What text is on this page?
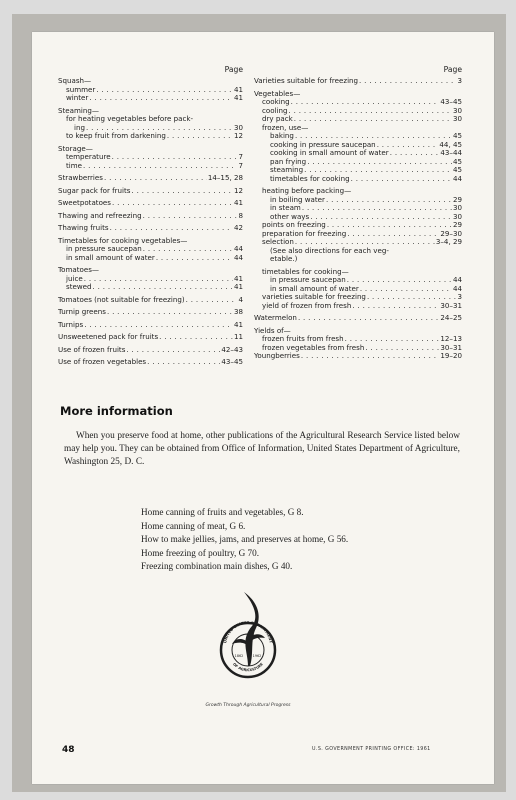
Page
Squash—
summer . . .	41
winter . . .	41
Steaming—
for heating vegetables before pack-
ing . . .	30
to keep fruit from darkening . . .	12
Storage—
temperature . . .	7
time . . .	7
Strawberries . . .	14–15, 28
Sugar pack for fruits . . .	12
Sweetpotatoes . . .	41
Thawing and refreezing . . .	8
Thawing fruits . . .	42
Timetables for cooking vegetables—
in pressure saucepan . . .	44
in small amount of water . . .	44
Tomatoes—
juice . . .	41
stewed . . .	41
Tomatoes (not suitable for freezing) . . .	4
Turnip greens . . .	38
Turnips . . .	41
Unsweetened pack for fruits . . .	11
Use of frozen fruits . . .	42–43
Use of frozen vegetables . . .	43–45
Page
Varieties suitable for freezing . . .	3
Vegetables—
cooking . . .	43–45
cooling . . .	30
dry pack . . .	30
frozen, use—
baking . . .	45
cooking in pressure saucepan . . .	44, 45
cooking in small amount of water . . .	43–44
pan frying . . .	45
steaming . . .	45
timetables for cooking . . .	44
heating before packing—
in boiling water . . .	29
in steam . . .	30
other ways . . .	30
points on freezing . . .	29
preparation for freezing . . .	29–30
selection . . .	3–4, 29
(See also directions for each veg-
etable.)
timetables for cooking—
in pressure saucepan . . .	44
in small amount of water . . .	44
varieties suitable for freezing . . .	3
yield of frozen from fresh . . .	30–31
Watermelon . . .	24–25
Yields of—
frozen fruits from fresh . . .	12–13
frozen vegetables from fresh . . .	30–31
Youngberries . . .	19–20
More information
When you preserve food at home, other publications of the Agricultural Research Service listed below may help you. They can be obtained from Office of Information, United States Department of Agriculture, Washington 25, D. C.
Home canning of fruits and vegetables, G 8.
Home canning of meat, G 6.
How to make jellies, jams, and preserves at home, G 56.
Home freezing of poultry, G 70.
Freezing combination main dishes, G 40.
UNITED STATES DEPARTMENT
OF AGRICULTURE
1862	1962
Growth Through Agricultural Progress
48	U.S. GOVERNMENT PRINTING OFFICE: 1961
